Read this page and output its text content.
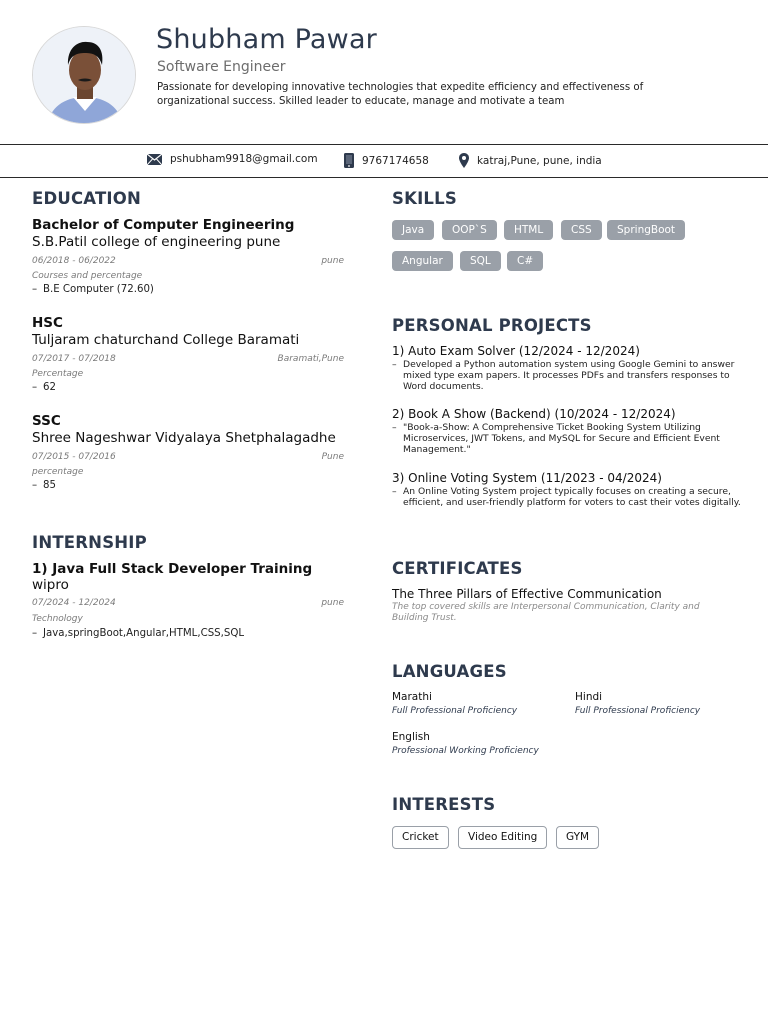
Shubham Pawar
Software Engineer
Passionate for developing innovative technologies that expedite efficiency and effectiveness of organizational success. Skilled leader to educate, manage and motivate a team
pshubham9918@gmail.com	9767174658	katraj,Pune, pune, india
EDUCATION
Bachelor of Computer Engineering
S.B.Patil college of engineering pune
06/2018 - 06/2022	pune
Courses and percentage
– B.E Computer (72.60)
HSC
Tuljaram chaturchand College Baramati
07/2017 - 07/2018	Baramati,Pune
Percentage
– 62
SSC
Shree Nageshwar Vidyalaya Shetphalagadhe
07/2015 - 07/2016	Pune
percentage
– 85
INTERNSHIP
1) Java Full Stack Developer Training
wipro
07/2024 - 12/2024	pune
Technology
– Java,springBoot,Angular,HTML,CSS,SQL
SKILLS
Java	OOP`S	HTML	CSS	SpringBoot
Angular	SQL	C#
PERSONAL PROJECTS
1) Auto Exam Solver (12/2024 - 12/2024)
– Developed a Python automation system using Google Gemini to answer mixed type exam papers. It processes PDFs and transfers responses to Word documents.
2) Book A Show (Backend) (10/2024 - 12/2024)
– "Book-a-Show: A Comprehensive Ticket Booking System Utilizing Microservices, JWT Tokens, and MySQL for Secure and Efficient Event Management."
3) Online Voting System (11/2023 - 04/2024)
– An Online Voting System project typically focuses on creating a secure, efficient, and user-friendly platform for voters to cast their votes digitally.
CERTIFICATES
The Three Pillars of Effective Communication
The top covered skills are Interpersonal Communication, Clarity and Building Trust.
LANGUAGES
Marathi
Full Professional Proficiency
Hindi
Full Professional Proficiency
English
Professional Working Proficiency
INTERESTS
Cricket	Video Editing	GYM
